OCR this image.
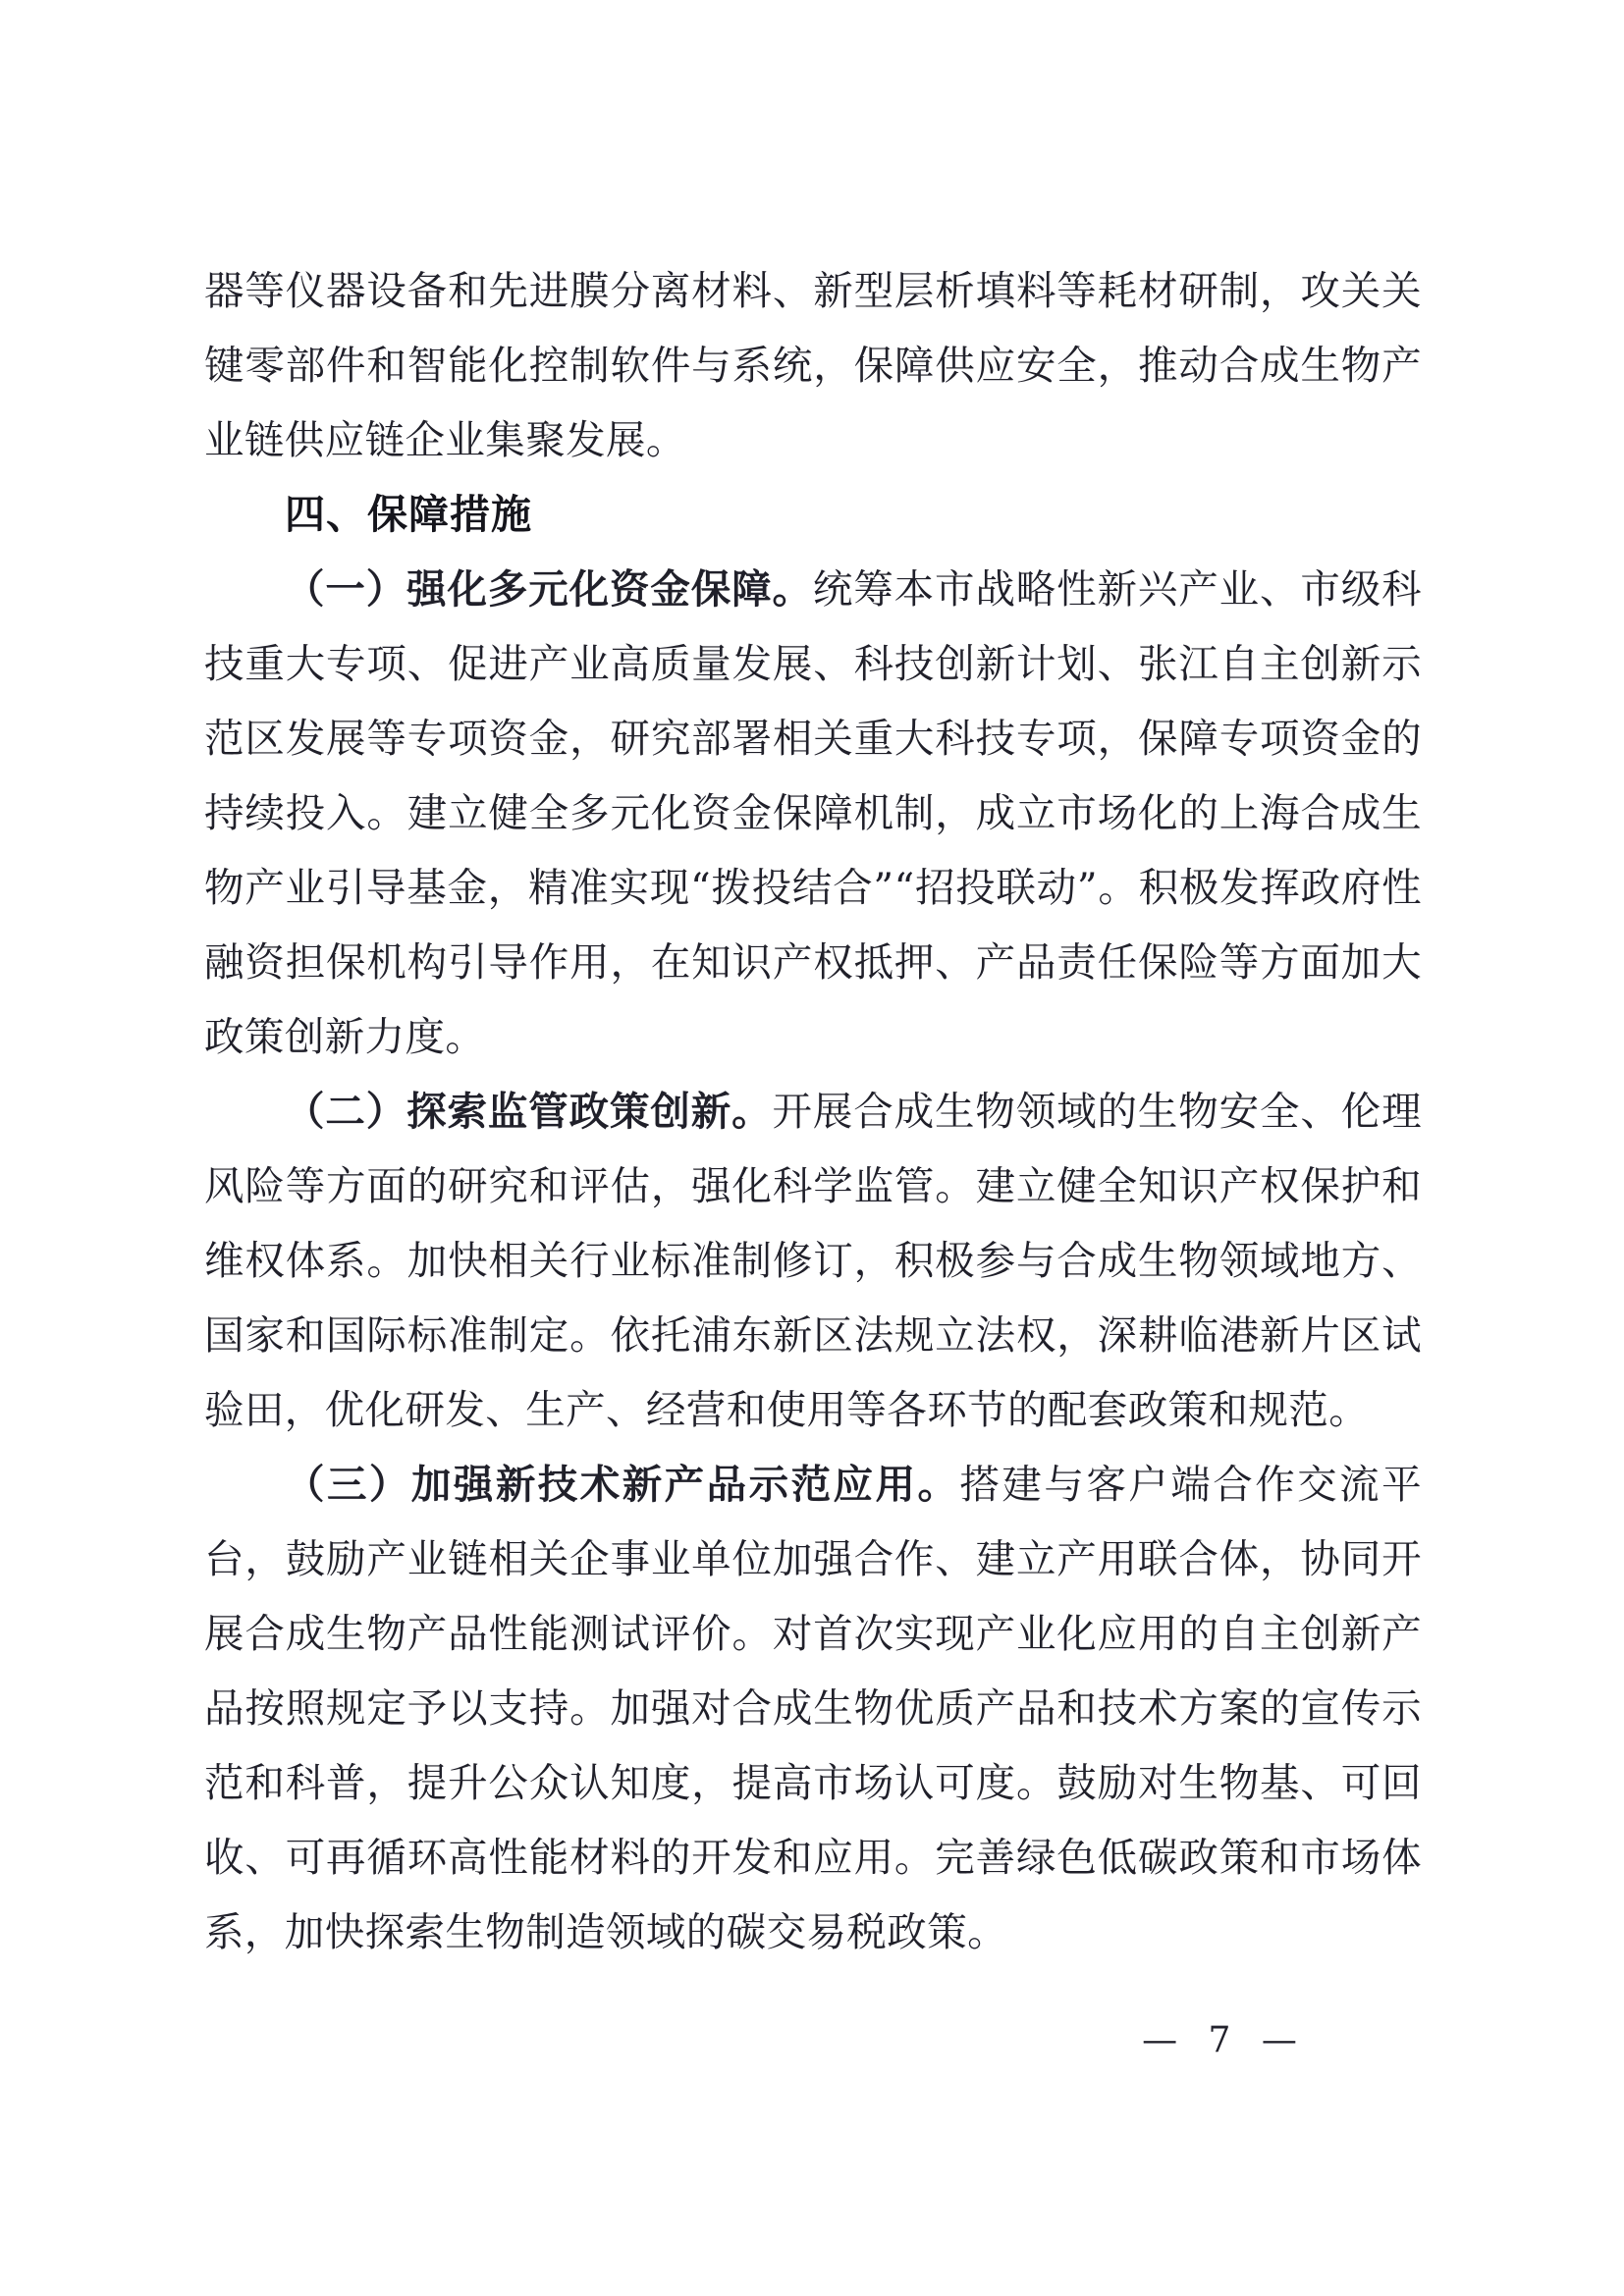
器等仪器设备和先进膜分离材料、新型层析填料等耗材研制，攻关关键零部件和智能化控制软件与系统，保障供应安全，推动合成生物产业链供应链企业集聚发展。

四、保障措施

（一）强化多元化资金保障。统筹本市战略性新兴产业、市级科技重大专项、促进产业高质量发展、科技创新计划、张江自主创新示范区发展等专项资金，研究部署相关重大科技专项，保障专项资金的持续投入。建立健全多元化资金保障机制，成立市场化的上海合成生物产业引导基金，精准实现“拨投结合”“招投联动”。积极发挥政府性融资担保机构引导作用，在知识产权抵押、产品责任保险等方面加大政策创新力度。

（二）探索监管政策创新。开展合成生物领域的生物安全、伦理风险等方面的研究和评估，强化科学监管。建立健全知识产权保护和维权体系。加快相关行业标准制修订，积极参与合成生物领域地方、国家和国际标准制定。依托浦东新区法规立法权，深耕临港新片区试验田，优化研发、生产、经营和使用等各环节的配套政策和规范。

（三）加强新技术新产品示范应用。搭建与客户端合作交流平台，鼓励产业链相关企事业单位加强合作、建立产用联合体，协同开展合成生物产品性能测试评价。对首次实现产业化应用的自主创新产品按照规定予以支持。加强对合成生物优质产品和技术方案的宣传示范和科普，提升公众认知度，提高市场认可度。鼓励对生物基、可回收、可再循环高性能材料的开发和应用。完善绿色低碳政策和市场体系，加快探索生物制造领域的碳交易税政策。

— 7 —
